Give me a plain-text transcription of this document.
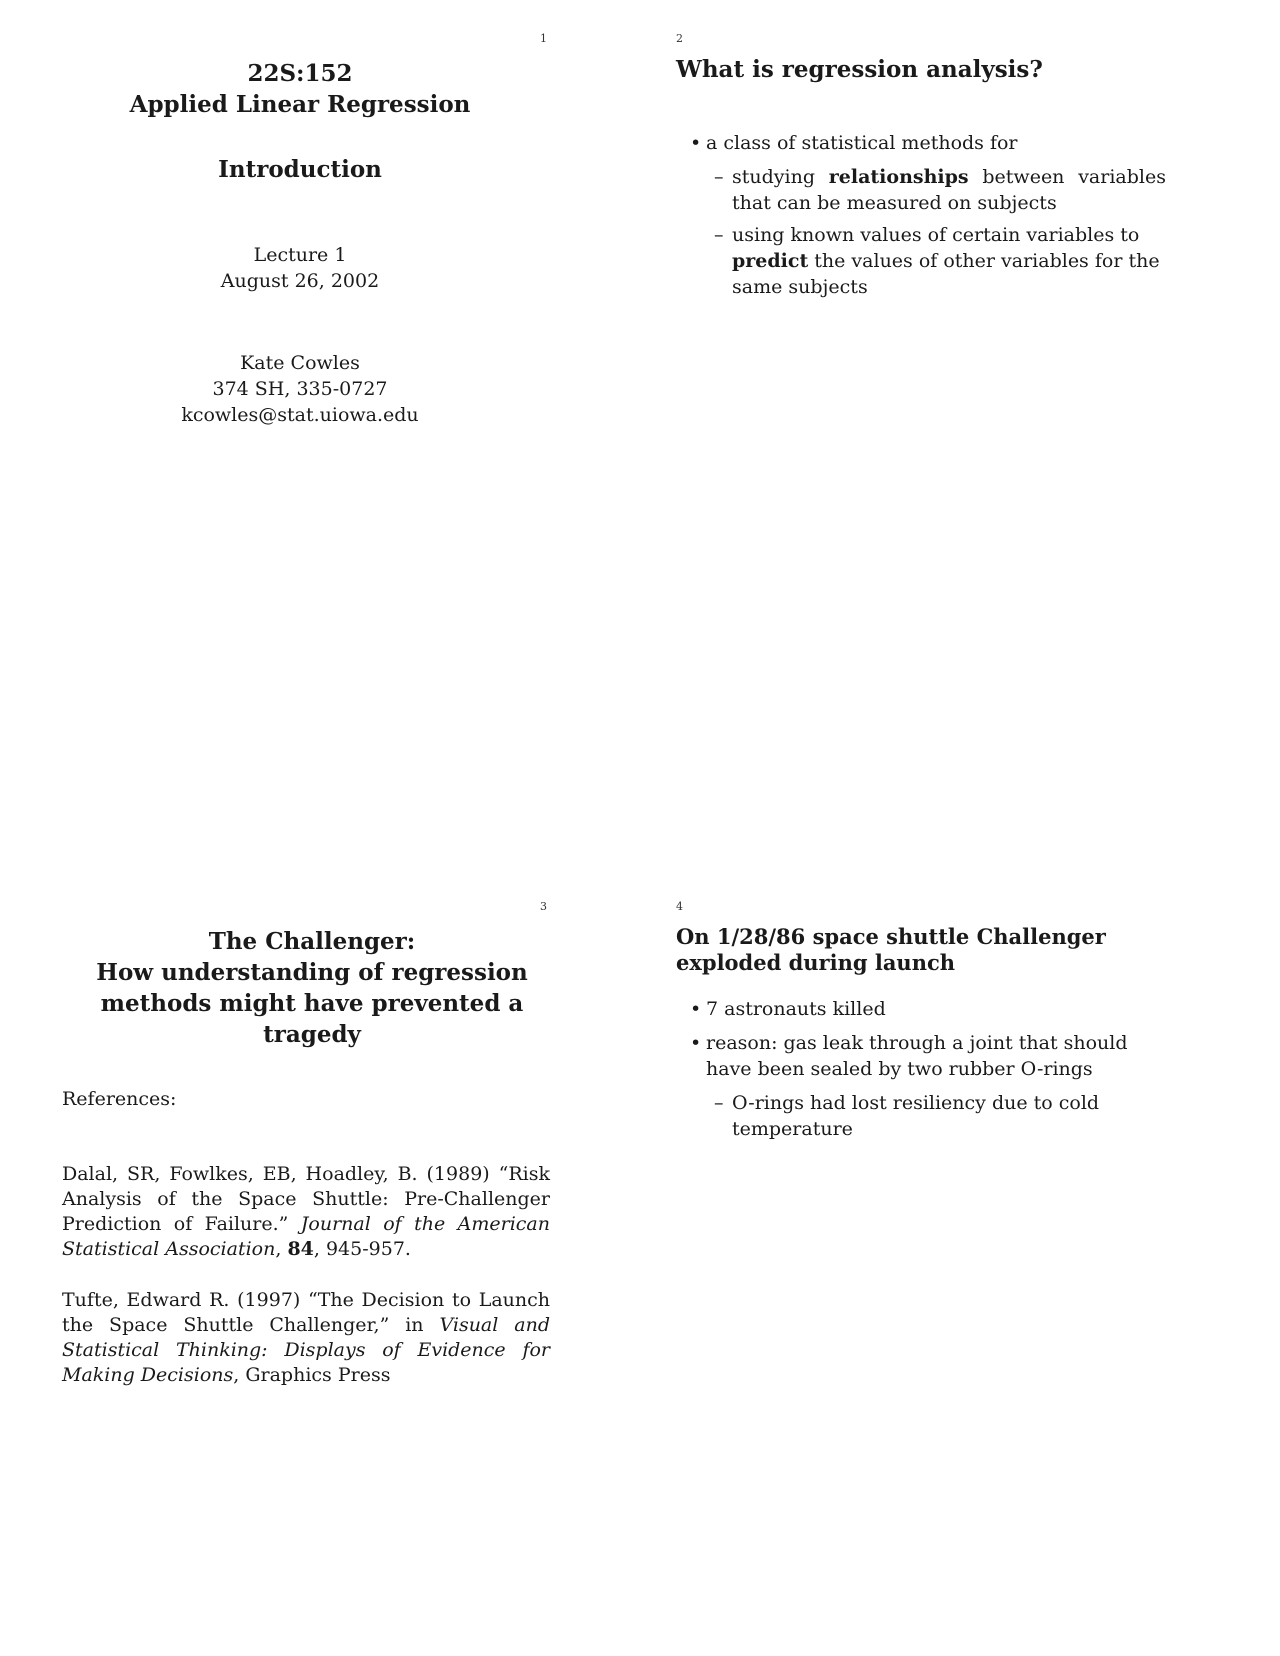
1
22S:152
Applied Linear Regression
Introduction
Lecture 1
August 26, 2002
Kate Cowles
374 SH, 335-0727
kcowles@stat.uiowa.edu
2
What is regression analysis?
• a class of statistical methods for
– studying relationships between variables that can be measured on subjects
– using known values of certain variables to predict the values of other variables for the same subjects
3
The Challenger:
How understanding of regression
methods might have prevented a
tragedy
References:
Dalal, SR, Fowlkes, EB, Hoadley, B. (1989) “Risk Analysis of the Space Shuttle: Pre-Challenger Prediction of Failure.” Journal of the American Statistical Association, 84, 945-957.
Tufte, Edward R. (1997) “The Decision to Launch the Space Shuttle Challenger,” in Visual and Statistical Thinking: Displays of Evidence for Making Decisions, Graphics Press
4
On 1/28/86 space shuttle Challenger exploded during launch
• 7 astronauts killed
• reason: gas leak through a joint that should have been sealed by two rubber O-rings
– O-rings had lost resiliency due to cold temperature
